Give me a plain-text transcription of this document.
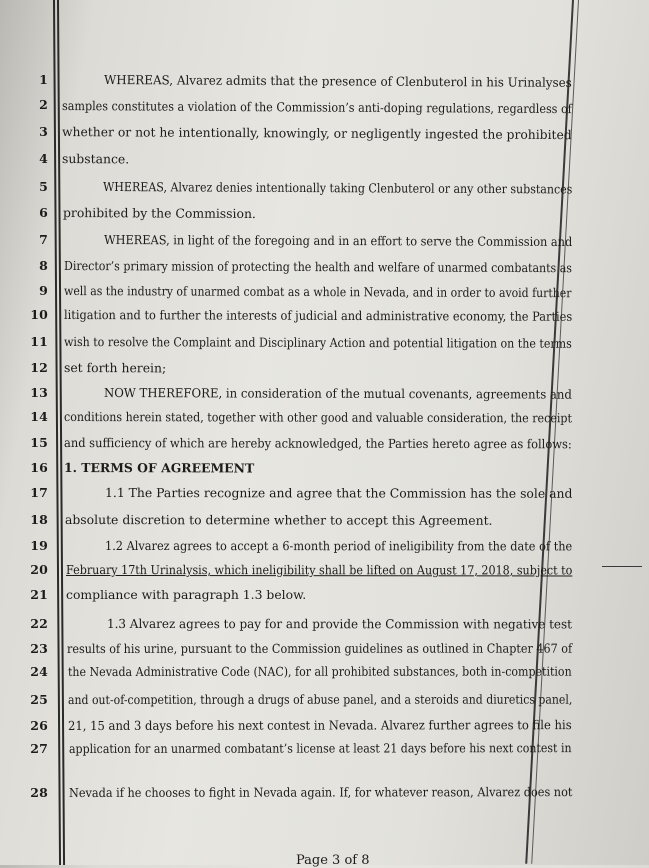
1	WHEREAS, Alvarez admits that the presence of Clenbuterol in his Urinalyses
2 samples constitutes a violation of the Commission’s anti-doping regulations, regardless of
3 whether or not he intentionally, knowingly, or negligently ingested the prohibited
4 substance.
5	WHEREAS, Alvarez denies intentionally taking Clenbuterol or any other substances
6 prohibited by the Commission.
7	WHEREAS, in light of the foregoing and in an effort to serve the Commission and
8 Director’s primary mission of protecting the health and welfare of unarmed combatants as
9 well as the industry of unarmed combat as a whole in Nevada, and in order to avoid further
10 litigation and to further the interests of judicial and administrative economy, the Parties
11 wish to resolve the Complaint and Disciplinary Action and potential litigation on the terms
12 set forth herein;
13	NOW THEREFORE, in consideration of the mutual covenants, agreements and
14 conditions herein stated, together with other good and valuable consideration, the receipt
15 and sufficiency of which are hereby acknowledged, the Parties hereto agree as follows:
16 1. TERMS OF AGREEMENT
17	1.1 The Parties recognize and agree that the Commission has the sole and
18 absolute discretion to determine whether to accept this Agreement.
19	1.2 Alvarez agrees to accept a 6-month period of ineligibility from the date of the
20 February 17th Urinalysis, which ineligibility shall be lifted on August 17, 2018, subject to
21 compliance with paragraph 1.3 below.
22	1.3 Alvarez agrees to pay for and provide the Commission with negative test
23 results of his urine, pursuant to the Commission guidelines as outlined in Chapter 467 of
24 the Nevada Administrative Code (NAC), for all prohibited substances, both in-competition
25 and out-of-competition, through a drugs of abuse panel, and a steroids and diuretics panel,
26 21, 15 and 3 days before his next contest in Nevada. Alvarez further agrees to file his
27 application for an unarmed combatant’s license at least 21 days before his next contest in
28 Nevada if he chooses to fight in Nevada again. If, for whatever reason, Alvarez does not
Page 3 of 8
